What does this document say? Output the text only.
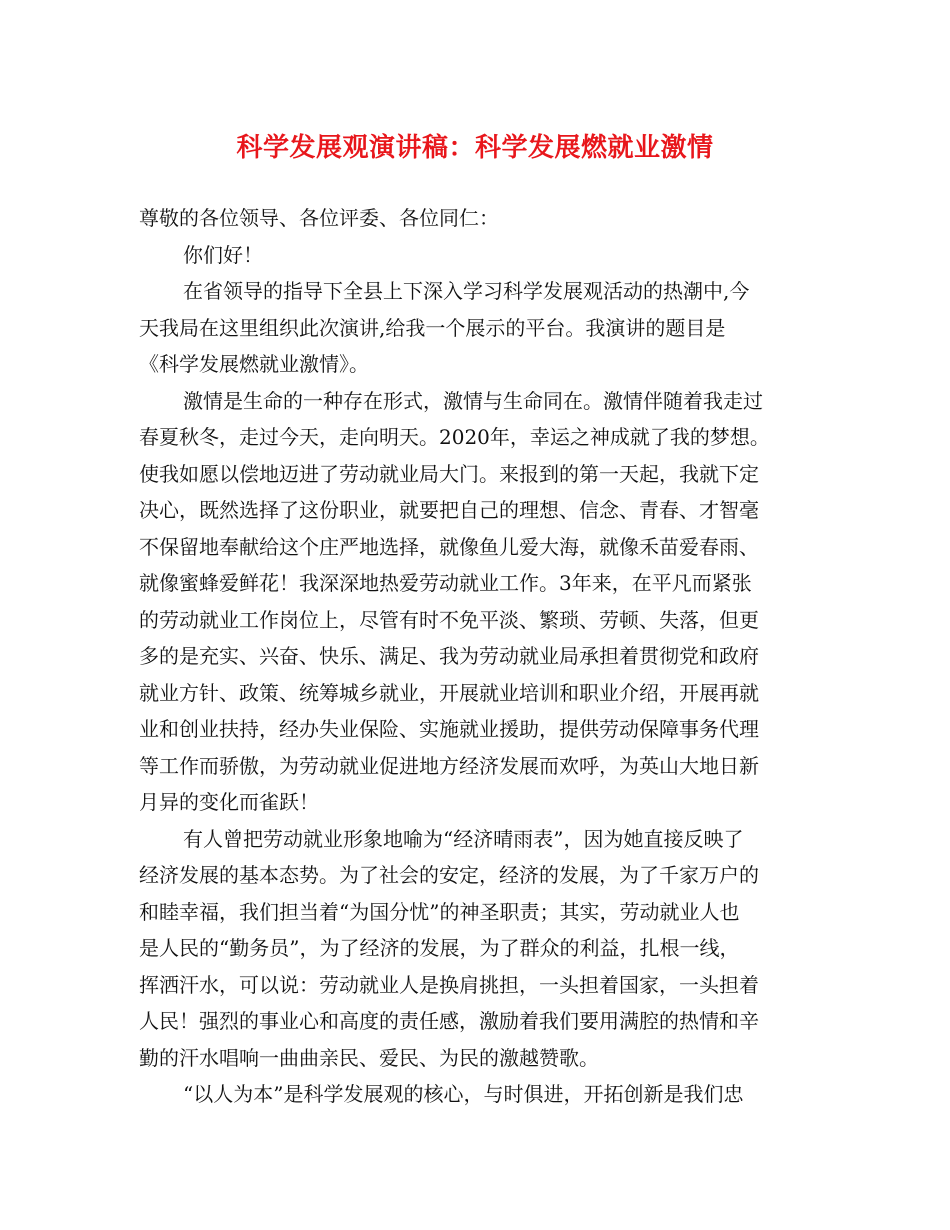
科学发展观演讲稿：科学发展燃就业激情
尊敬的各位领导、各位评委、各位同仁：
你们好！

在省领导的指导下全县上下深入学习科学发展观活动的热潮中,今
天我局在这里组织此次演讲,给我一个展示的平台。我演讲的题目是
《科学发展燃就业激情》。

激情是生命的一种存在形式，激情与生命同在。激情伴随着我走过
春夏秋冬，走过今天，走向明天。2020年，幸运之神成就了我的梦想。
使我如愿以偿地迈进了劳动就业局大门。来报到的第一天起，我就下定
决心，既然选择了这份职业，就要把自己的理想、信念、青春、才智毫
不保留地奉献给这个庄严地选择，就像鱼儿爱大海，就像禾苗爱春雨、
就像蜜蜂爱鲜花！我深深地热爱劳动就业工作。3年来，在平凡而紧张
的劳动就业工作岗位上，尽管有时不免平淡、繁琐、劳顿、失落，但更
多的是充实、兴奋、快乐、满足、我为劳动就业局承担着贯彻党和政府
就业方针、政策、统筹城乡就业，开展就业培训和职业介绍，开展再就
业和创业扶持，经办失业保险、实施就业援助，提供劳动保障事务代理
等工作而骄傲，为劳动就业促进地方经济发展而欢呼，为英山大地日新
月异的变化而雀跃！

有人曾把劳动就业形象地喻为“经济晴雨表”，因为她直接反映了
经济发展的基本态势。为了社会的安定，经济的发展，为了千家万户的
和睦幸福，我们担当着“为国分忧”的神圣职责；其实，劳动就业人也
是人民的“勤务员”，为了经济的发展，为了群众的利益，扎根一线，
挥洒汗水，可以说：劳动就业人是换肩挑担，一头担着国家，一头担着
人民！强烈的事业心和高度的责任感，激励着我们要用满腔的热情和辛
勤的汗水唱响一曲曲亲民、爱民、为民的激越赞歌。

“以人为本”是科学发展观的核心，与时俱进，开拓创新是我们忠
